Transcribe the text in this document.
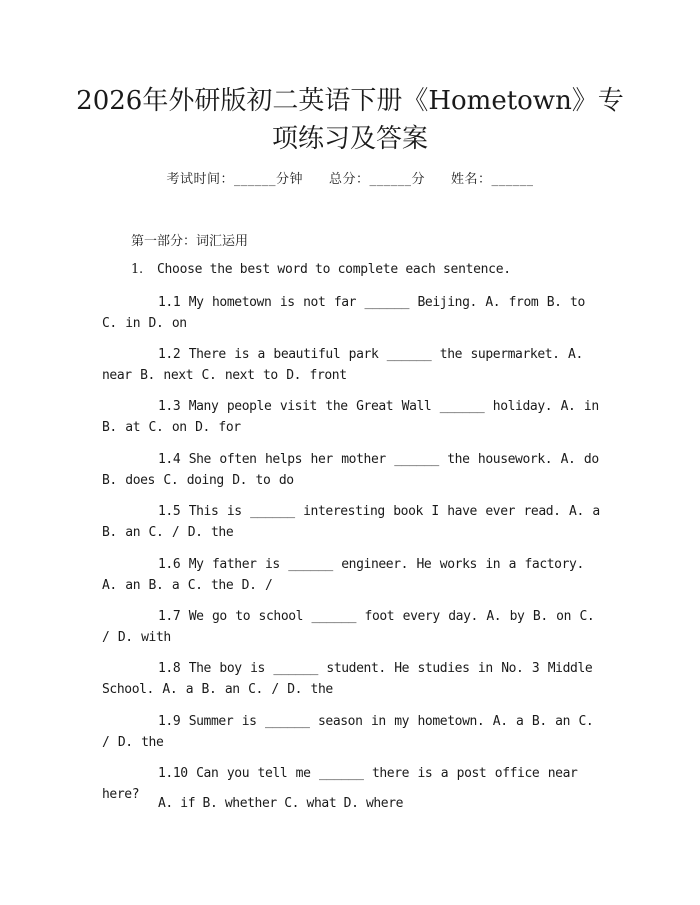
2026年外研版初二英语下册《Hometown》专
项练习及答案
考试时间：______分钟 总分：______分 姓名：______
第一部分：词汇运用
1. Choose the best word to complete each sentence.
1.1 My hometown is not far ______ Beijing. A. from B. to C. in D. on
1.2 There is a beautiful park ______ the supermarket. A. near B. next C. next to D. front
1.3 Many people visit the Great Wall ______ holiday. A. in B. at C. on D. for
1.4 She often helps her mother ______ the housework. A. do B. does C. doing D. to do
1.5 This is ______ interesting book I have ever read. A. a B. an C. / D. the
1.6 My father is ______ engineer. He works in a factory. A. an B. a C. the D. /
1.7 We go to school ______ foot every day. A. by B. on C. / D. with
1.8 The boy is ______ student. He studies in No. 3 Middle School. A. a B. an C. / D. the
1.9 Summer is ______ season in my hometown. A. a B. an C. / D. the
1.10 Can you tell me ______ there is a post office near here?
A. if B. whether C. what D. where
